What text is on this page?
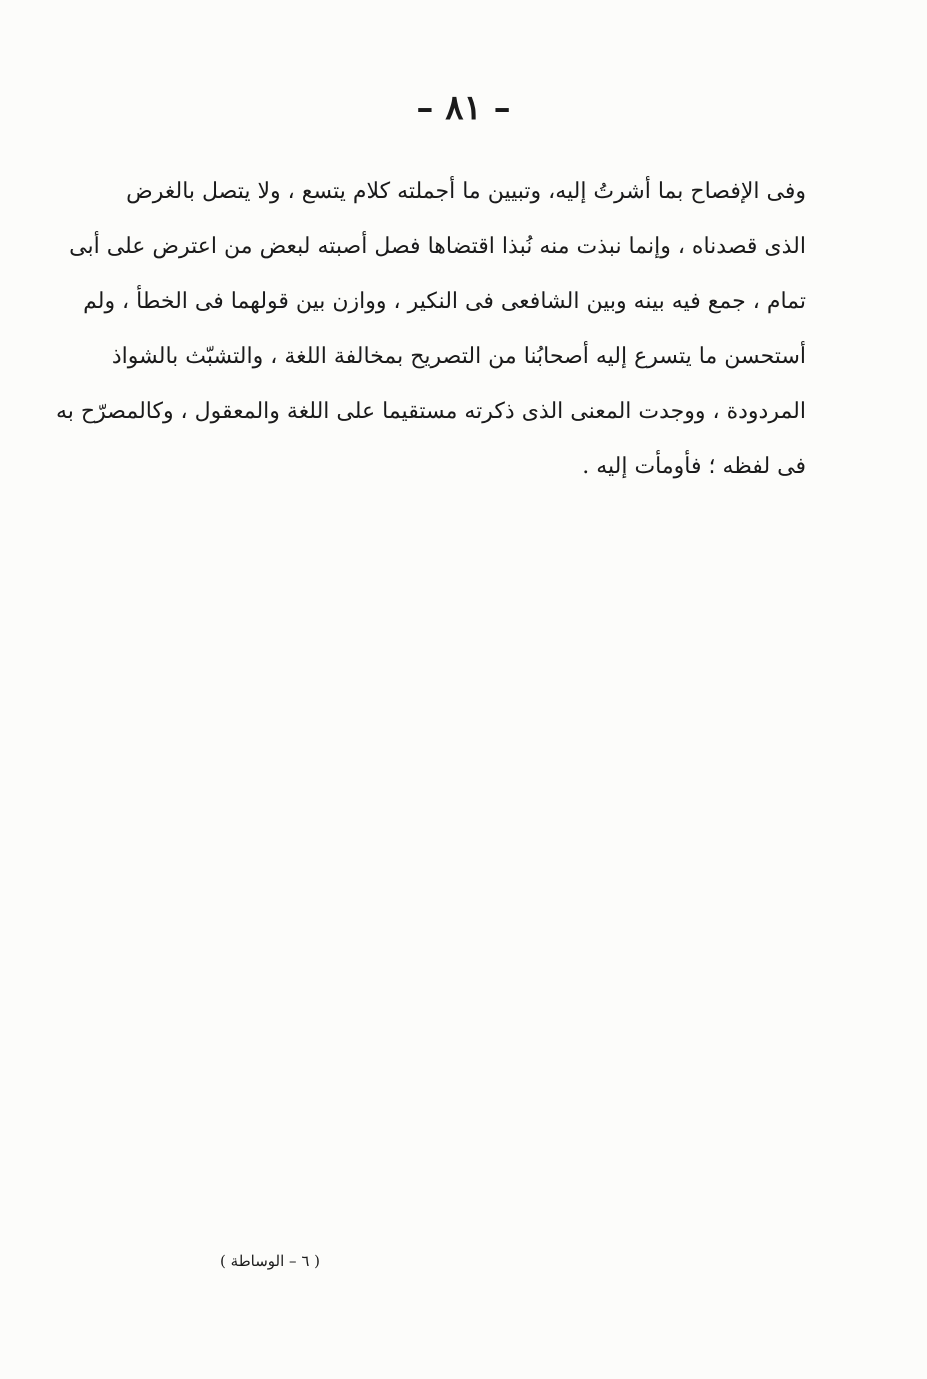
– ٨١ –
وفى الإفصاح بما أشرتُ إليه، وتبيين ما أجملته كلام يتسع ، ولا يتصل بالغرض
الذى قصدناه ، وإنما نبذت منه نُبذا اقتضاها فصل أصبته لبعض من اعترض على أبى
تمام ، جمع فيه بينه وبين الشافعى فى النكير ، ووازن بين قولهما فى الخطأ ، ولم
أستحسن ما يتسرع إليه أصحابُنا من التصريح بمخالفة اللغة ، والتشبّث بالشواذ
المردودة ، ووجدت المعنى الذى ذكرته مستقيما على اللغة والمعقول ، وكالمصرّح به
فى لفظه ؛ فأومأت إليه .
( ٦ – الوساطة )
